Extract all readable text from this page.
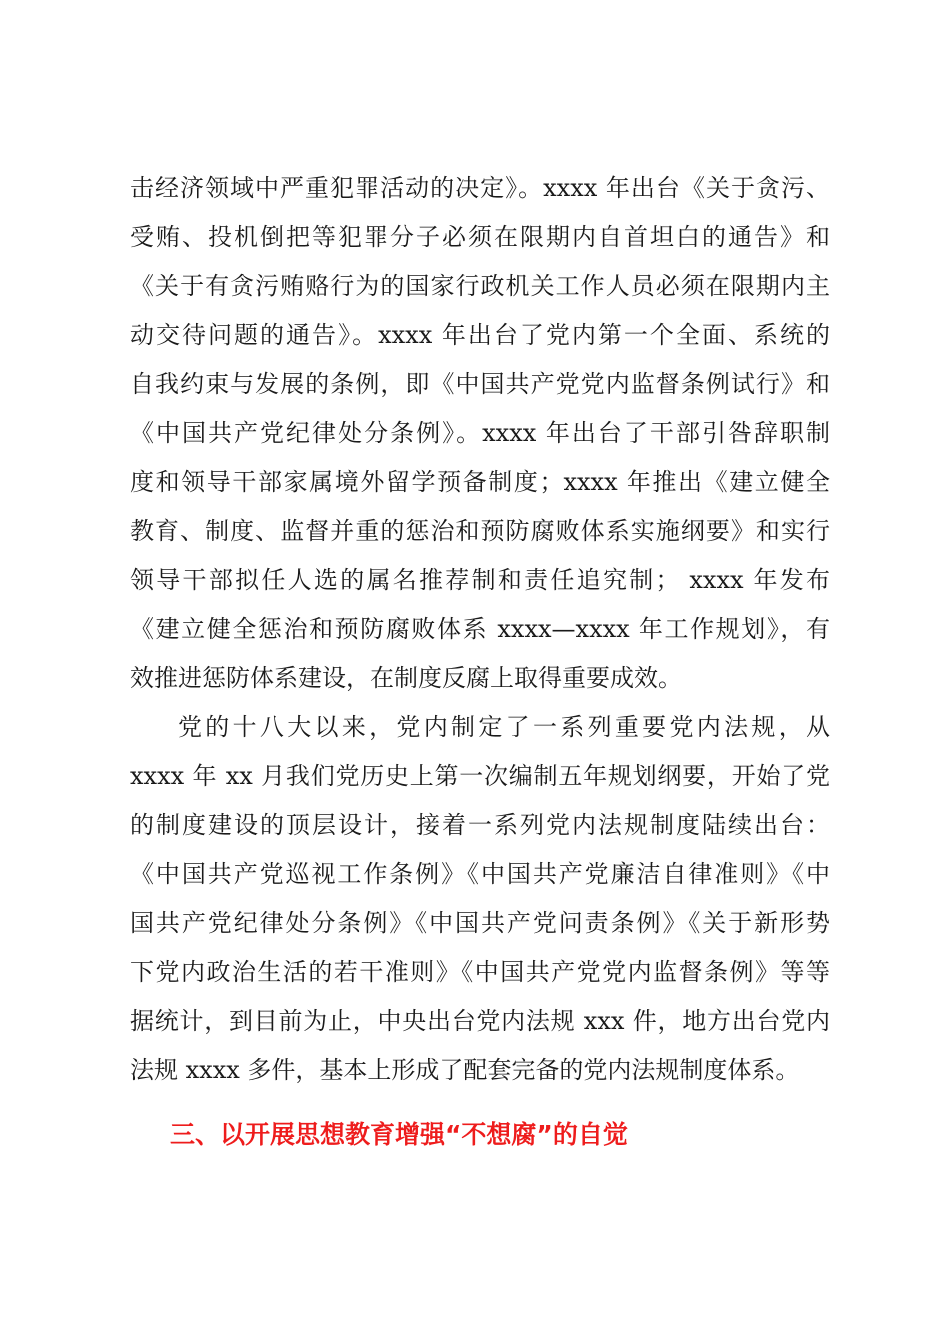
击经济领域中严重犯罪活动的决定》。xxxx 年出台《关于贪污、
受贿、投机倒把等犯罪分子必须在限期内自首坦白的通告》和
《关于有贪污贿赂行为的国家行政机关工作人员必须在限期内主
动交待问题的通告》。xxxx 年出台了党内第一个全面、系统的
自我约束与发展的条例，即《中国共产党党内监督条例试行》和
《中国共产党纪律处分条例》。xxxx 年出台了干部引咎辞职制
度和领导干部家属境外留学预备制度；xxxx 年推出《建立健全
教育、制度、监督并重的惩治和预防腐败体系实施纲要》和实行
领导干部拟任人选的属名推荐制和责任追究制； xxxx 年发布
《建立健全惩治和预防腐败体系 xxxx—xxxx 年工作规划》，有
效推进惩防体系建设，在制度反腐上取得重要成效。
党的十八大以来，党内制定了一系列重要党内法规，从
xxxx 年 xx 月我们党历史上第一次编制五年规划纲要，开始了党
的制度建设的顶层设计，接着一系列党内法规制度陆续出台：
《中国共产党巡视工作条例》《中国共产党廉洁自律准则》《中
国共产党纪律处分条例》《中国共产党问责条例》《关于新形势
下党内政治生活的若干准则》《中国共产党党内监督条例》等等
据统计，到目前为止，中央出台党内法规 xxx 件，地方出台党内
法规 xxxx 多件，基本上形成了配套完备的党内法规制度体系。
三、以开展思想教育增强“不想腐”的自觉
